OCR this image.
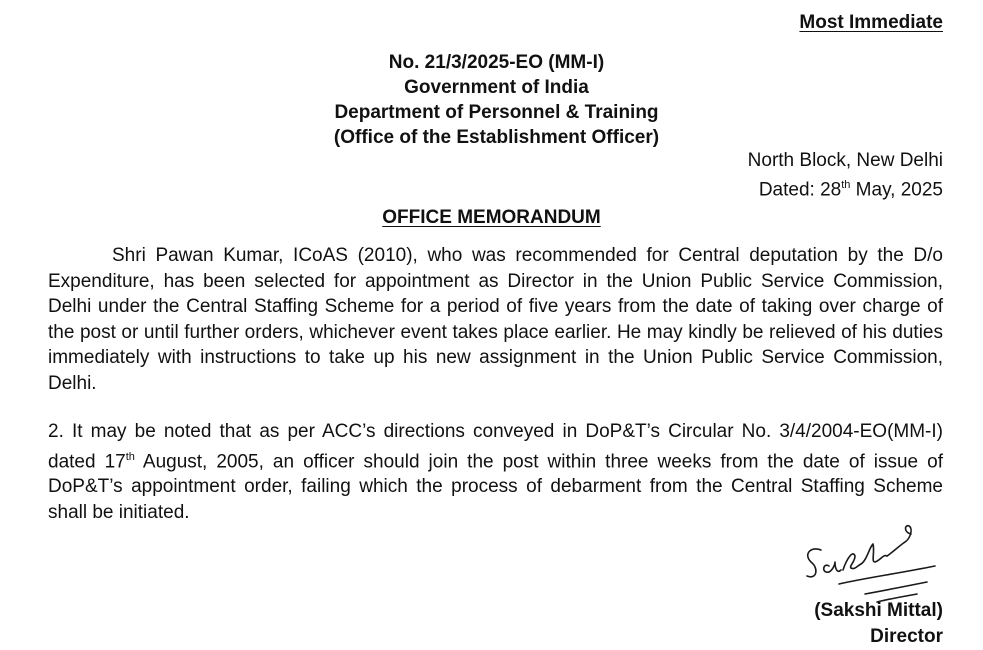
Most Immediate
No. 21/3/2025-EO (MM-I)
Government of India
Department of Personnel & Training
(Office of the Establishment Officer)
North Block, New Delhi
Dated: 28th May, 2025
OFFICE MEMORANDUM
Shri Pawan Kumar, ICoAS (2010), who was recommended for Central deputation by the D/o Expenditure, has been selected for appointment as Director in the Union Public Service Commission, Delhi under the Central Staffing Scheme for a period of five years from the date of taking over charge of the post or until further orders, whichever event takes place earlier. He may kindly be relieved of his duties immediately with instructions to take up his new assignment in the Union Public Service Commission, Delhi.
2. It may be noted that as per ACC’s directions conveyed in DoP&T’s Circular No. 3/4/2004-EO(MM-I) dated 17th August, 2005, an officer should join the post within three weeks from the date of issue of DoP&T’s appointment order, failing which the process of debarment from the Central Staffing Scheme shall be initiated.
(Sakshi Mittal)
Director
